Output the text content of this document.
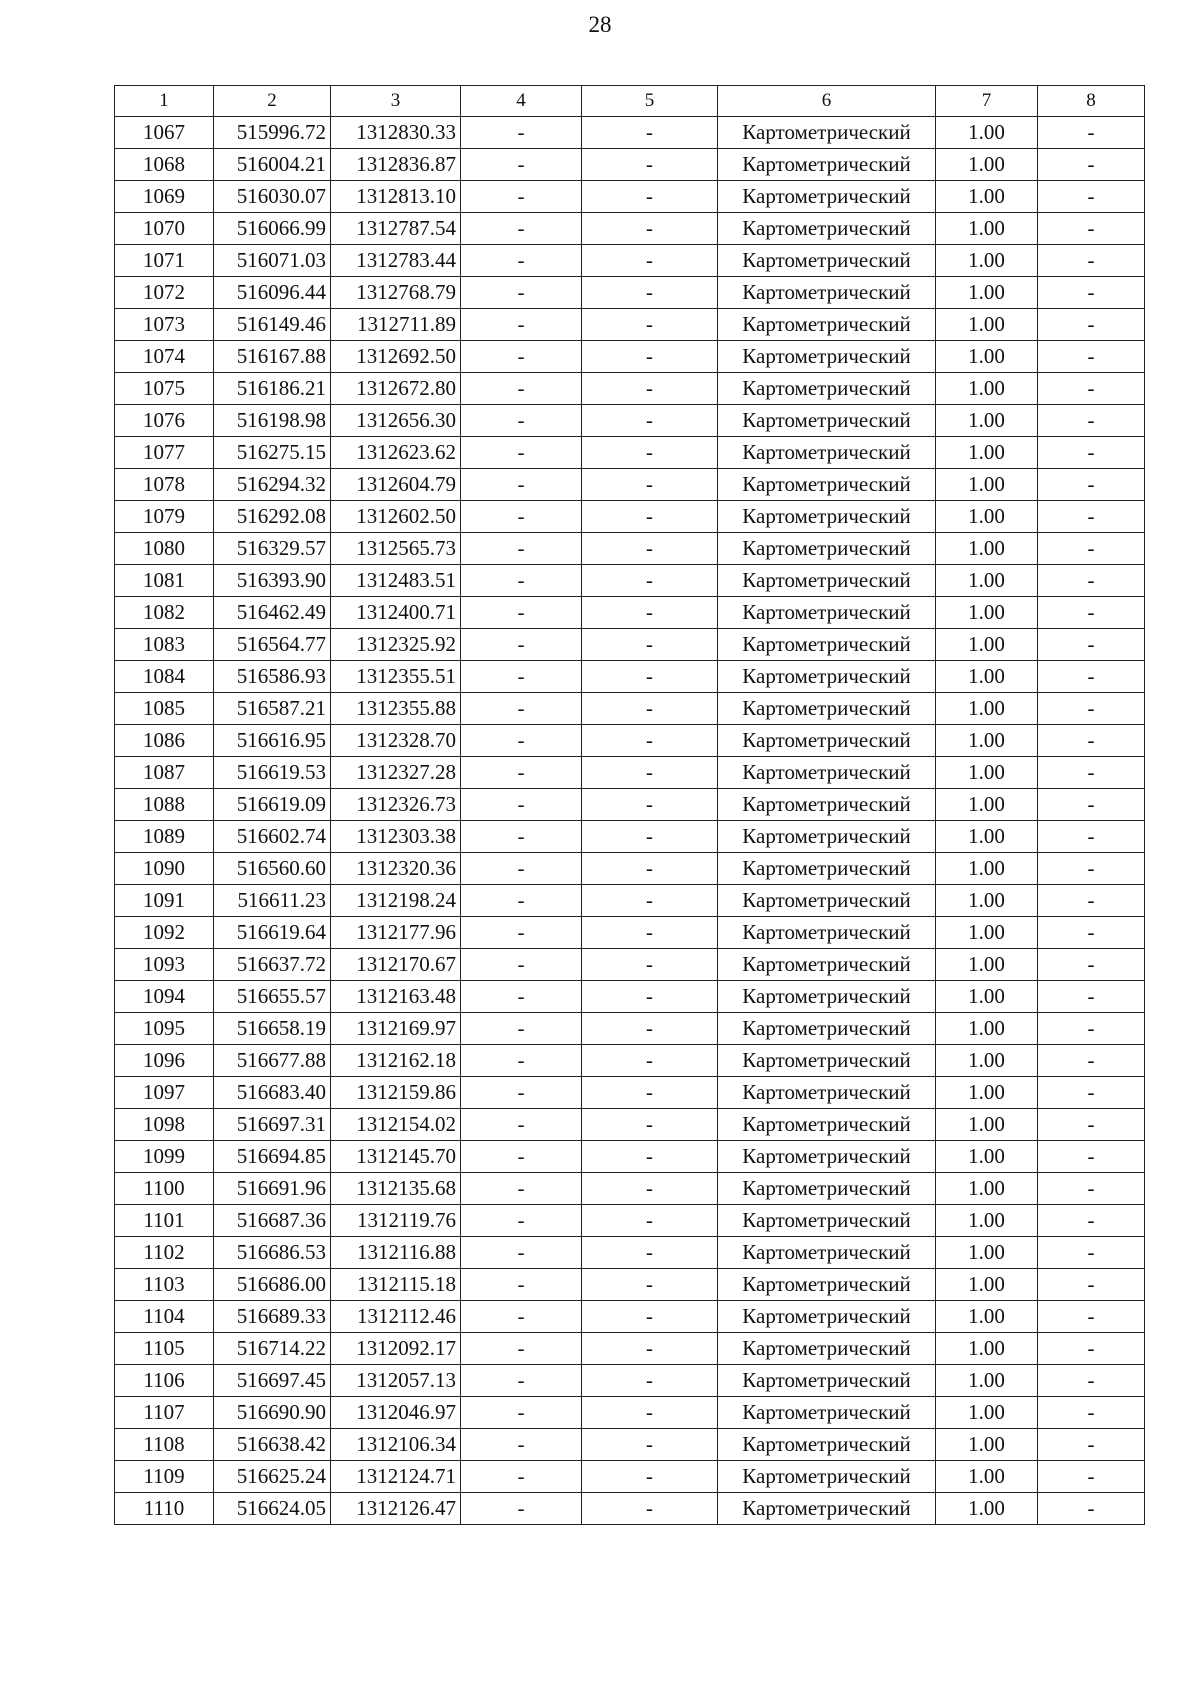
28
1	2	3	4	5	6	7	8
1067	515996.72	1312830.33	-	-	Картометрический	1.00	-
1068	516004.21	1312836.87	-	-	Картометрический	1.00	-
1069	516030.07	1312813.10	-	-	Картометрический	1.00	-
1070	516066.99	1312787.54	-	-	Картометрический	1.00	-
1071	516071.03	1312783.44	-	-	Картометрический	1.00	-
1072	516096.44	1312768.79	-	-	Картометрический	1.00	-
1073	516149.46	1312711.89	-	-	Картометрический	1.00	-
1074	516167.88	1312692.50	-	-	Картометрический	1.00	-
1075	516186.21	1312672.80	-	-	Картометрический	1.00	-
1076	516198.98	1312656.30	-	-	Картометрический	1.00	-
1077	516275.15	1312623.62	-	-	Картометрический	1.00	-
1078	516294.32	1312604.79	-	-	Картометрический	1.00	-
1079	516292.08	1312602.50	-	-	Картометрический	1.00	-
1080	516329.57	1312565.73	-	-	Картометрический	1.00	-
1081	516393.90	1312483.51	-	-	Картометрический	1.00	-
1082	516462.49	1312400.71	-	-	Картометрический	1.00	-
1083	516564.77	1312325.92	-	-	Картометрический	1.00	-
1084	516586.93	1312355.51	-	-	Картометрический	1.00	-
1085	516587.21	1312355.88	-	-	Картометрический	1.00	-
1086	516616.95	1312328.70	-	-	Картометрический	1.00	-
1087	516619.53	1312327.28	-	-	Картометрический	1.00	-
1088	516619.09	1312326.73	-	-	Картометрический	1.00	-
1089	516602.74	1312303.38	-	-	Картометрический	1.00	-
1090	516560.60	1312320.36	-	-	Картометрический	1.00	-
1091	516611.23	1312198.24	-	-	Картометрический	1.00	-
1092	516619.64	1312177.96	-	-	Картометрический	1.00	-
1093	516637.72	1312170.67	-	-	Картометрический	1.00	-
1094	516655.57	1312163.48	-	-	Картометрический	1.00	-
1095	516658.19	1312169.97	-	-	Картометрический	1.00	-
1096	516677.88	1312162.18	-	-	Картометрический	1.00	-
1097	516683.40	1312159.86	-	-	Картометрический	1.00	-
1098	516697.31	1312154.02	-	-	Картометрический	1.00	-
1099	516694.85	1312145.70	-	-	Картометрический	1.00	-
1100	516691.96	1312135.68	-	-	Картометрический	1.00	-
1101	516687.36	1312119.76	-	-	Картометрический	1.00	-
1102	516686.53	1312116.88	-	-	Картометрический	1.00	-
1103	516686.00	1312115.18	-	-	Картометрический	1.00	-
1104	516689.33	1312112.46	-	-	Картометрический	1.00	-
1105	516714.22	1312092.17	-	-	Картометрический	1.00	-
1106	516697.45	1312057.13	-	-	Картометрический	1.00	-
1107	516690.90	1312046.97	-	-	Картометрический	1.00	-
1108	516638.42	1312106.34	-	-	Картометрический	1.00	-
1109	516625.24	1312124.71	-	-	Картометрический	1.00	-
1110	516624.05	1312126.47	-	-	Картометрический	1.00	-
